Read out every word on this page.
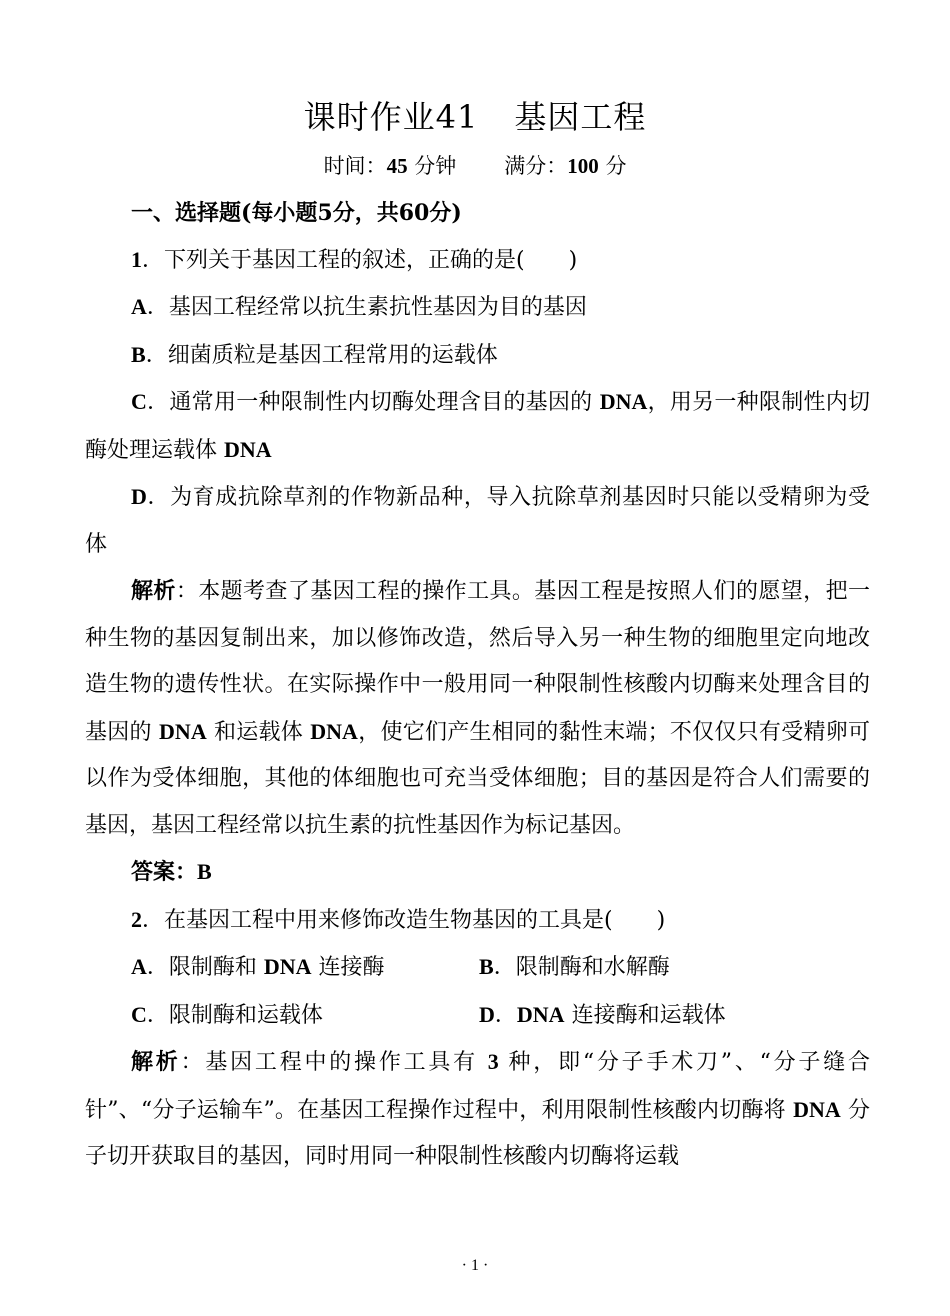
课时作业41 基因工程
时间：45 分钟 满分：100 分

一、选择题(每小题5分，共60分)

1．下列关于基因工程的叙述，正确的是(　　)

A．基因工程经常以抗生素抗性基因为目的基因

B．细菌质粒是基因工程常用的运载体

C．通常用一种限制性内切酶处理含目的基因的 DNA，用另一种限制性内切酶处理运载体 DNA

D．为育成抗除草剂的作物新品种，导入抗除草剂基因时只能以受精卵为受体

解析：本题考查了基因工程的操作工具。基因工程是按照人们的愿望，把一种生物的基因复制出来，加以修饰改造，然后导入另一种生物的细胞里定向地改造生物的遗传性状。在实际操作中一般用同一种限制性核酸内切酶来处理含目的基因的 DNA 和运载体 DNA，使它们产生相同的黏性末端；不仅仅只有受精卵可以作为受体细胞，其他的体细胞也可充当受体细胞；目的基因是符合人们需要的基因，基因工程经常以抗生素的抗性基因作为标记基因。

答案：B

2．在基因工程中用来修饰改造生物基因的工具是(　　)

A．限制酶和 DNA 连接酶	B．限制酶和水解酶
C．限制酶和运载体	D．DNA 连接酶和运载体

解析：基因工程中的操作工具有 3 种，即“分子手术刀”、“分子缝合针”、“分子运输车”。在基因工程操作过程中，利用限制性核酸内切酶将 DNA 分子切开获取目的基因，同时用同一种限制性核酸内切酶将运载

· 1 ·
